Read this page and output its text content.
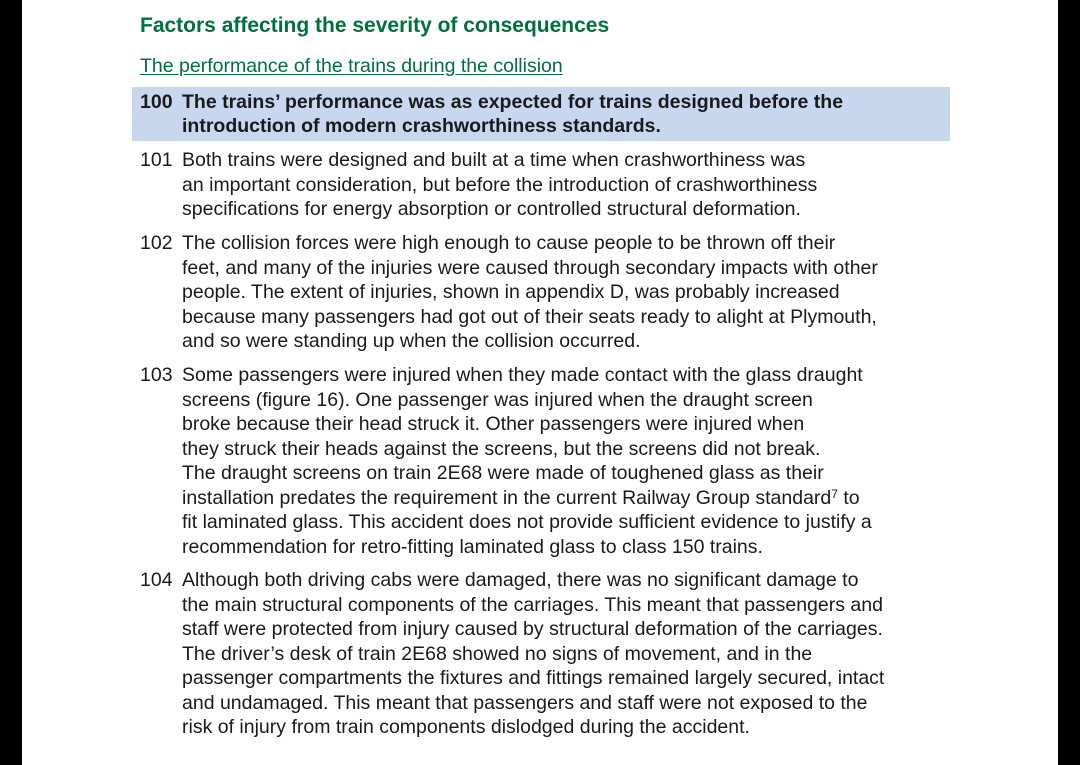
Factors affecting the severity of consequences
The performance of the trains during the collision
100 The trains’ performance was as expected for trains designed before the
introduction of modern crashworthiness standards.
101 Both trains were designed and built at a time when crashworthiness was
an important consideration, but before the introduction of crashworthiness
specifications for energy absorption or controlled structural deformation.
102 The collision forces were high enough to cause people to be thrown off their
feet, and many of the injuries were caused through secondary impacts with other
people. The extent of injuries, shown in appendix D, was probably increased
because many passengers had got out of their seats ready to alight at Plymouth,
and so were standing up when the collision occurred.
103 Some passengers were injured when they made contact with the glass draught
screens (figure 16). One passenger was injured when the draught screen
broke because their head struck it. Other passengers were injured when
they struck their heads against the screens, but the screens did not break.
The draught screens on train 2E68 were made of toughened glass as their
installation predates the requirement in the current Railway Group standard$^7$ to
fit laminated glass. This accident does not provide sufficient evidence to justify a
recommendation for retro-fitting laminated glass to class 150 trains.
104 Although both driving cabs were damaged, there was no significant damage to
the main structural components of the carriages. This meant that passengers and
staff were protected from injury caused by structural deformation of the carriages.
The driver’s desk of train 2E68 showed no signs of movement, and in the
passenger compartments the fixtures and fittings remained largely secured, intact
and undamaged. This meant that passengers and staff were not exposed to the
risk of injury from train components dislodged during the accident.
